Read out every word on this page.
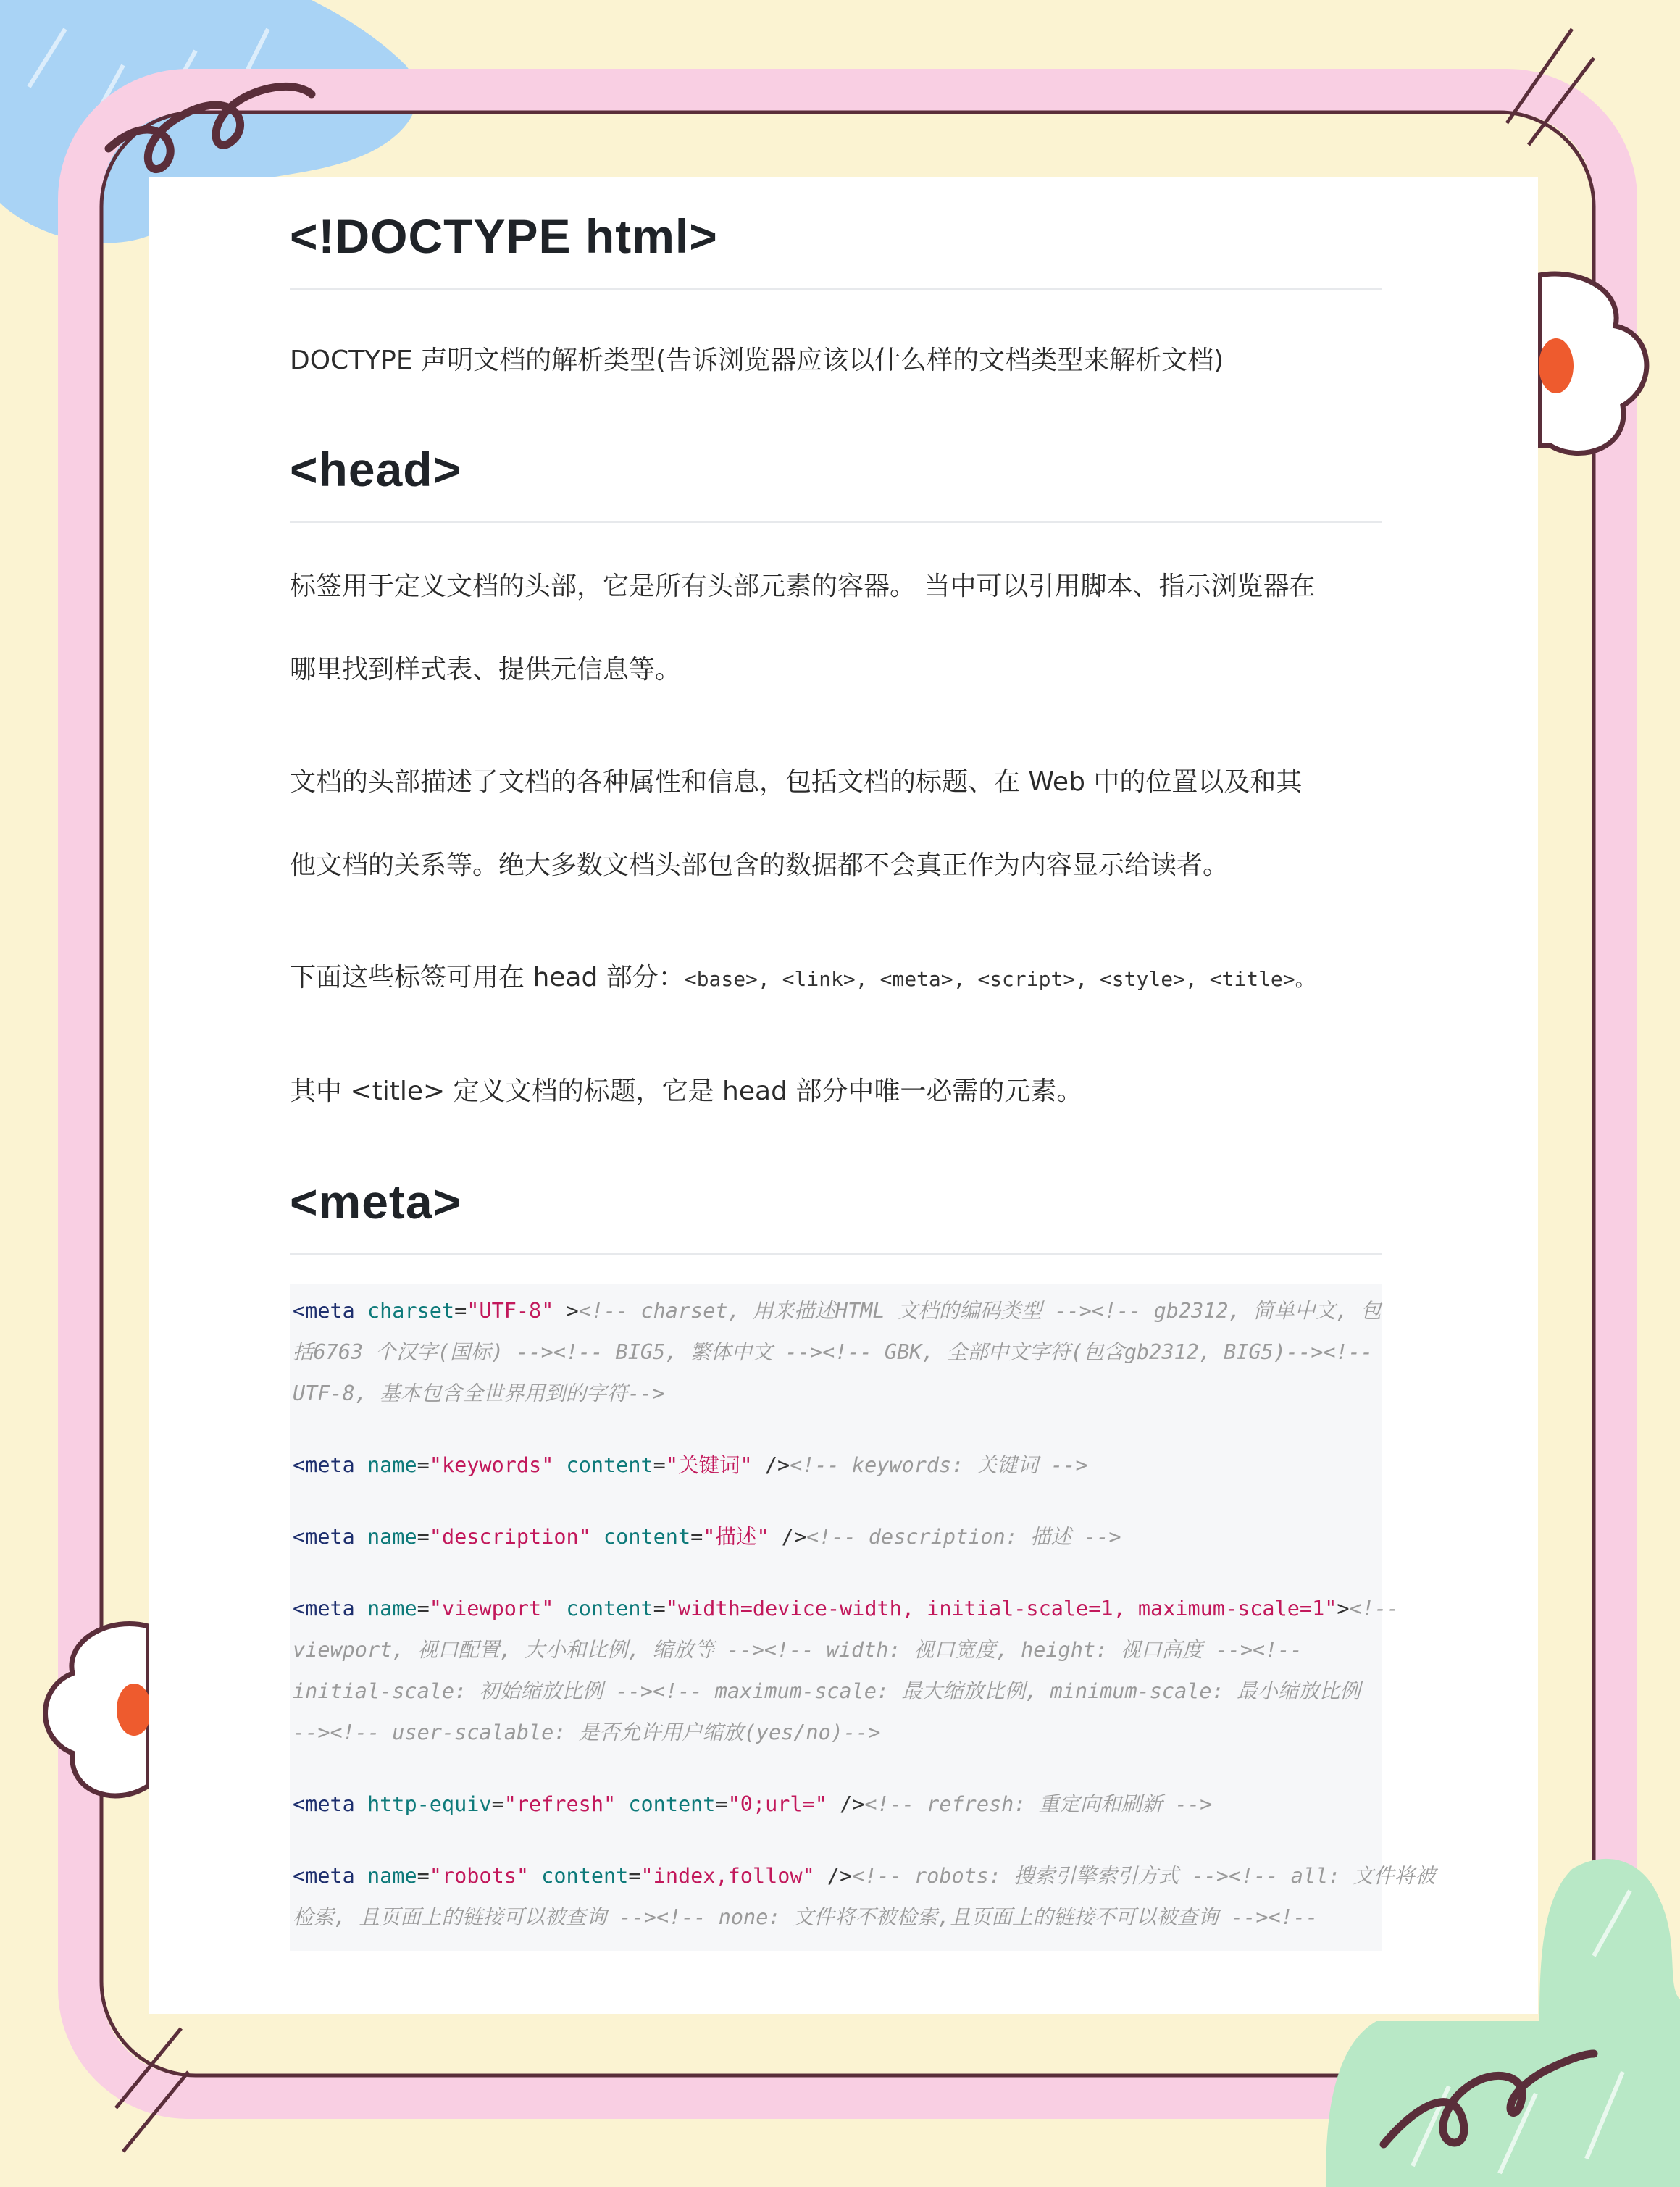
<!DOCTYPE html>

DOCTYPE 声明文档的解析类型(告诉浏览器应该以什么样的文档类型来解析文档)

<head>

标签用于定义文档的头部，它是所有头部元素的容器。 当中可以引用脚本、指示浏览器在

哪里找到样式表、提供元信息等。

文档的头部描述了文档的各种属性和信息，包括文档的标题、在 Web 中的位置以及和其

他文档的关系等。绝大多数文档头部包含的数据都不会真正作为内容显示给读者。

下面这些标签可用在 head 部分：<base>, <link>, <meta>, <script>, <style>, <title>。

其中 <title> 定义文档的标题，它是 head 部分中唯一必需的元素。

<meta>
<meta charset="UTF-8" ><!-- charset, 用来描述HTML 文档的编码类型 --><!-- gb2312, 简单中文, 包
括6763 个汉字(国标) --><!-- BIG5, 繁体中文 --><!-- GBK, 全部中文字符(包含gb2312, BIG5)--><!--
UTF-8, 基本包含全世界用到的字符-->
<meta name="keywords" content="关键词" /><!-- keywords: 关键词 -->
<meta name="description" content="描述" /><!-- description: 描述 -->
<meta name="viewport" content="width=device-width, initial-scale=1, maximum-scale=1"><!--
viewport, 视口配置, 大小和比例, 缩放等 --><!-- width: 视口宽度, height: 视口高度 --><!--
initial-scale: 初始缩放比例 --><!-- maximum-scale: 最大缩放比例, minimum-scale: 最小缩放比例
--><!-- user-scalable: 是否允许用户缩放(yes/no)-->
<meta http-equiv="refresh" content="0;url=" /><!-- refresh: 重定向和刷新 -->
<meta name="robots" content="index,follow" /><!-- robots: 搜索引擎索引方式 --><!-- all: 文件将被
检索, 且页面上的链接可以被查询 --><!-- none: 文件将不被检索,且页面上的链接不可以被查询 --><!--
